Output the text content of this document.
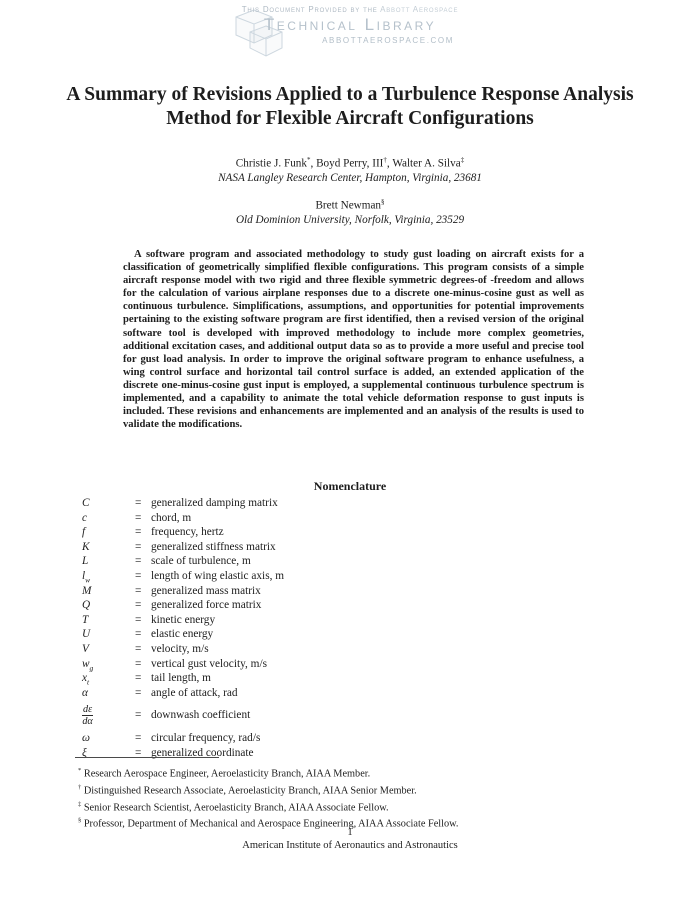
This Document Provided by the Abbott Aerospace
Technical Library
ABBOTTAEROSPACE.COM
A Summary of Revisions Applied to a Turbulence Response Analysis Method for Flexible Aircraft Configurations
Christie J. Funk*, Boyd Perry, III†, Walter A. Silva‡
NASA Langley Research Center, Hampton, Virginia, 23681
Brett Newman§
Old Dominion University, Norfolk, Virginia, 23529

A software program and associated methodology to study gust loading on aircraft exists for a classification of geometrically simplified flexible configurations. This program consists of a simple aircraft response model with two rigid and three flexible symmetric degrees-of -freedom and allows for the calculation of various airplane responses due to a discrete one-minus-cosine gust as well as continuous turbulence. Simplifications, assumptions, and opportunities for potential improvements pertaining to the existing software program are first identified, then a revised version of the original software tool is developed with improved methodology to include more complex geometries, additional excitation cases, and additional output data so as to provide a more useful and precise tool for gust load analysis. In order to improve the original software program to enhance usefulness, a wing control surface and horizontal tail control surface is added, an extended application of the discrete one-minus-cosine gust input is employed, a supplemental continuous turbulence spectrum is implemented, and a capability to animate the total vehicle deformation response to gust inputs is included. These revisions and enhancements are implemented and an analysis of the results is used to validate the modifications.

Nomenclature
C	= generalized damping matrix
c	= chord, m
f	= frequency, hertz
K	= generalized stiffness matrix
L	= scale of turbulence, m
$l_w$	= length of wing elastic axis, m
M	= generalized mass matrix
Q	= generalized force matrix
T	= kinetic energy
U	= elastic energy
V	= velocity, m/s
$w_g$	= vertical gust velocity, m/s
$x_t$	= tail length, m
α	= angle of attack, rad
$\frac{d\varepsilon}{d\alpha}$	= downwash coefficient
ω	= circular frequency, rad/s
ξ	= generalized coordinate
* Research Aerospace Engineer, Aeroelasticity Branch, AIAA Member.
† Distinguished Research Associate, Aeroelasticity Branch, AIAA Senior Member.
‡ Senior Research Scientist, Aeroelasticity Branch, AIAA Associate Fellow.
§ Professor, Department of Mechanical and Aerospace Engineering, AIAA Associate Fellow.
1
American Institute of Aeronautics and Astronautics
